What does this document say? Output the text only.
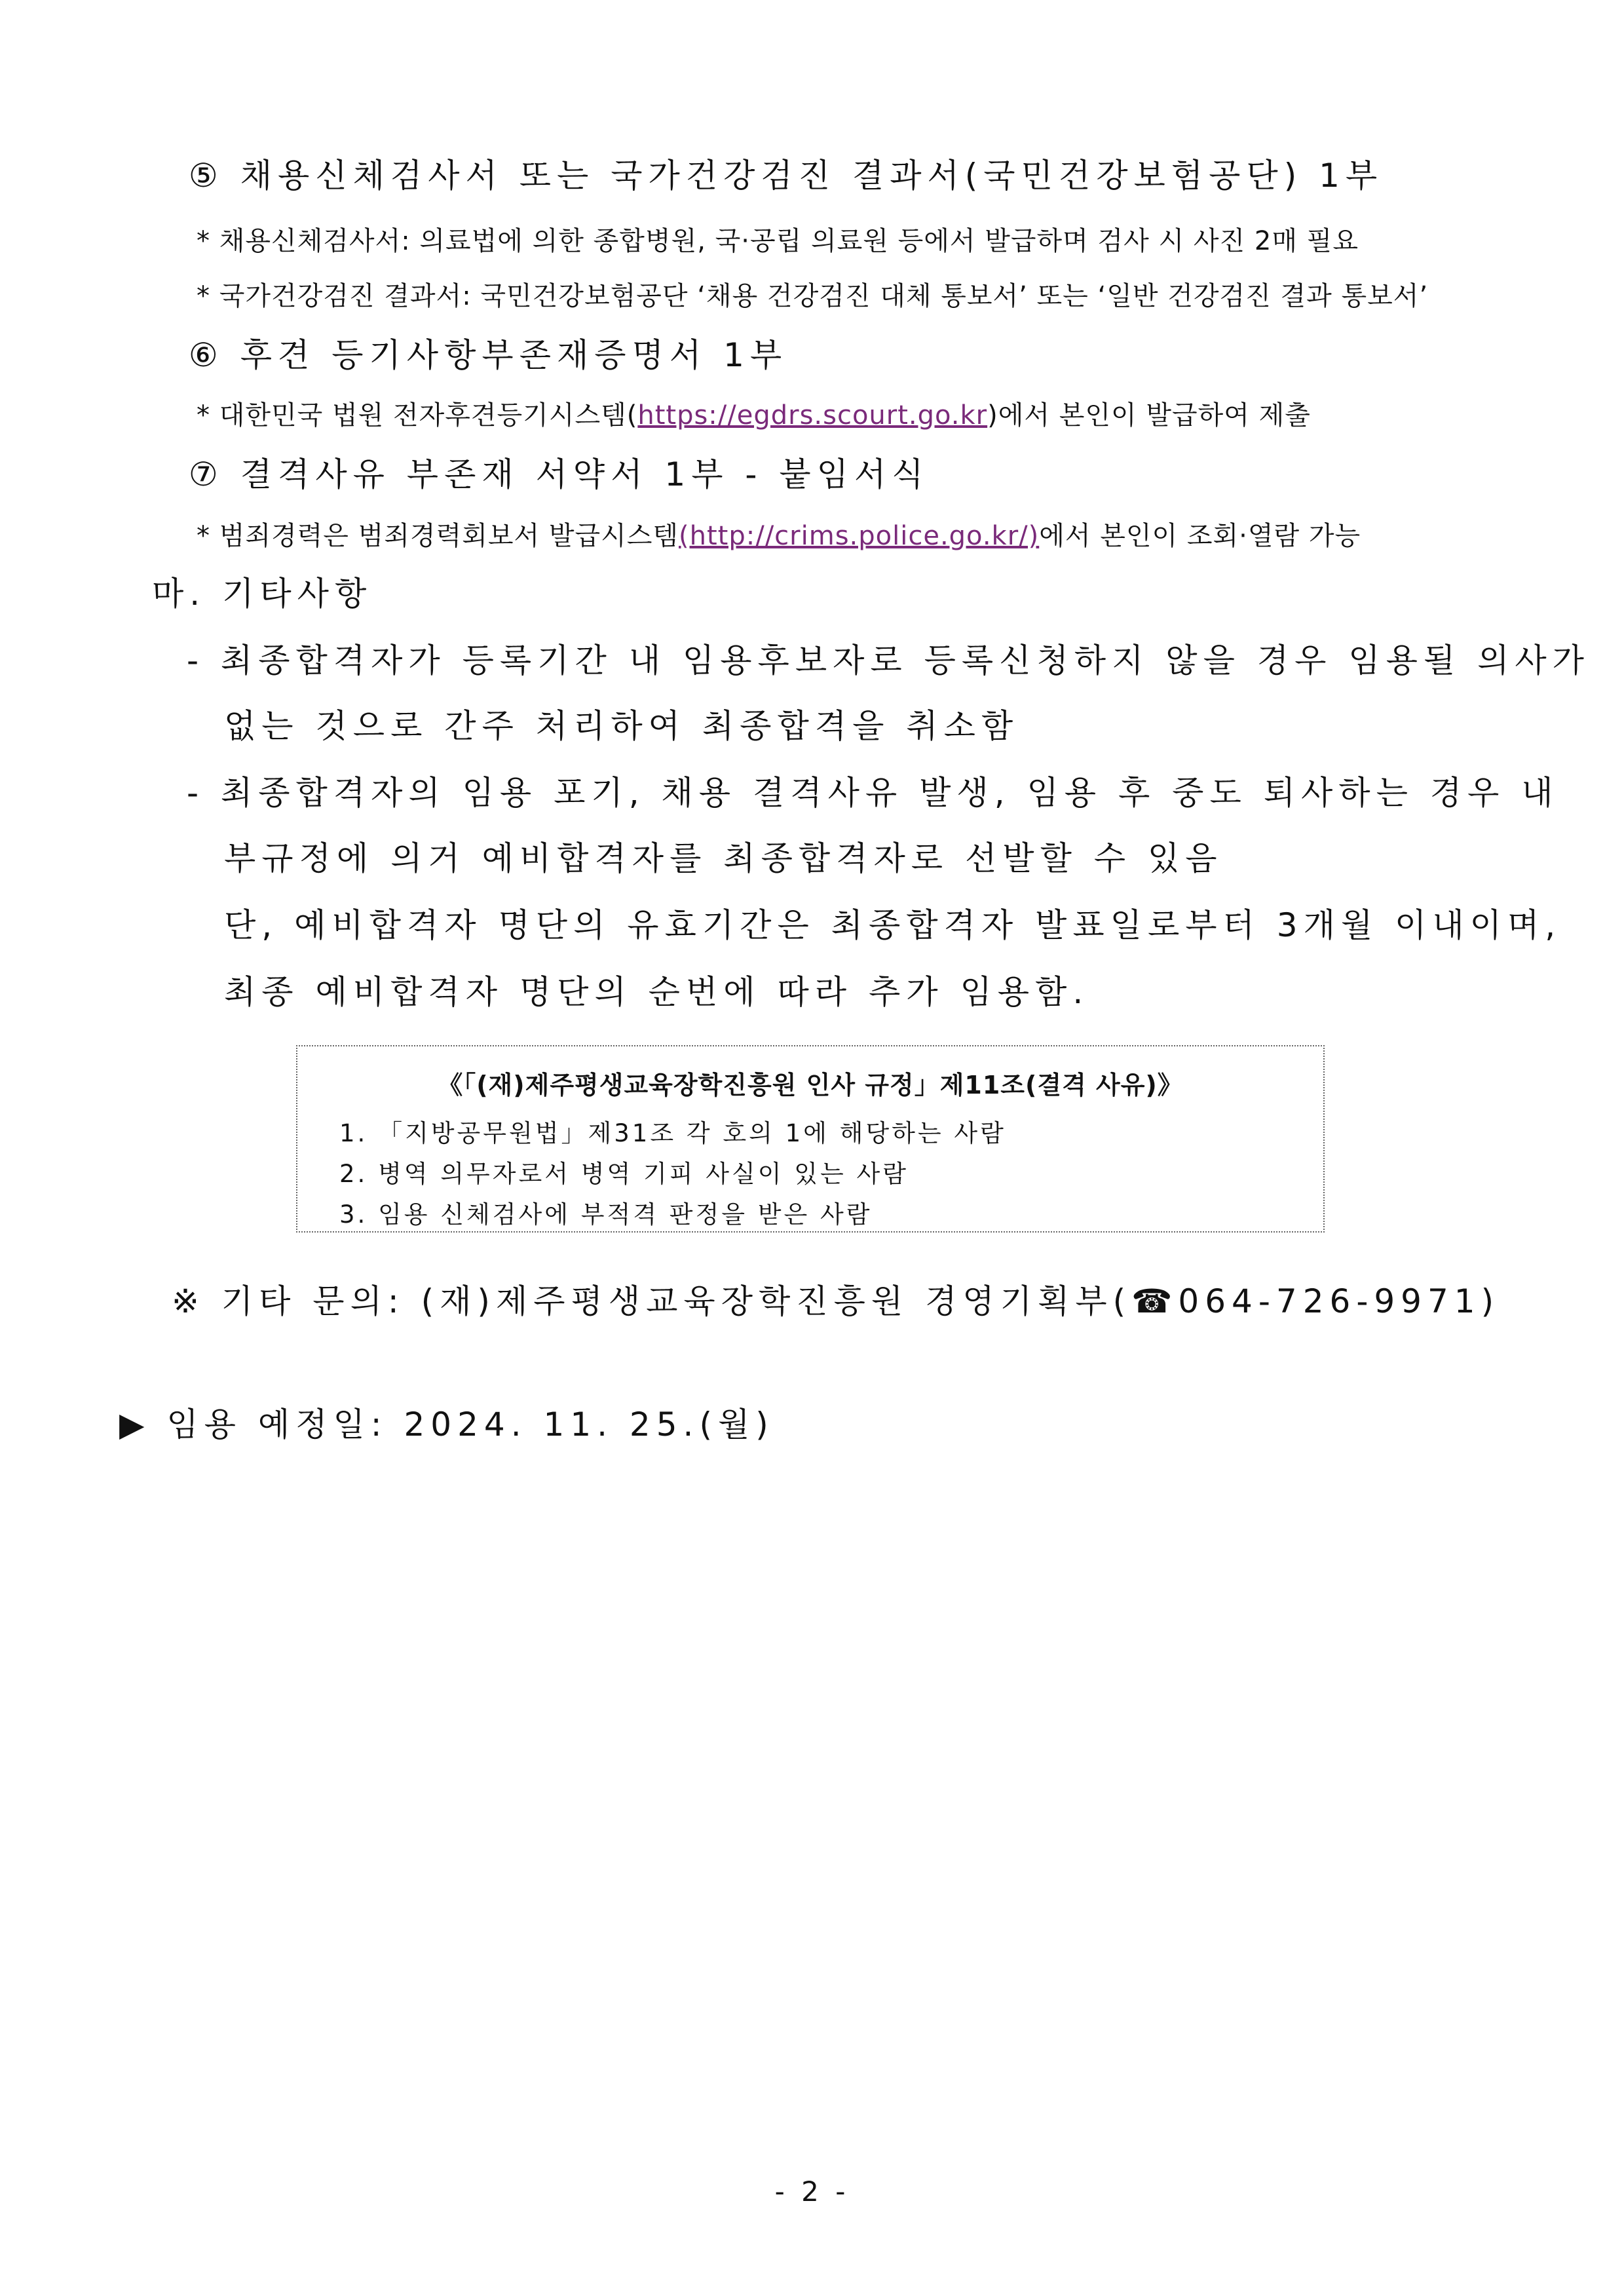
⑤ 채용신체검사서 또는 국가건강검진 결과서(국민건강보험공단) 1부
* 채용신체검사서: 의료법에 의한 종합병원, 국·공립 의료원 등에서 발급하며 검사 시 사진 2매 필요
* 국가건강검진 결과서: 국민건강보험공단 ‘채용 건강검진 대체 통보서’ 또는 ‘일반 건강검진 결과 통보서’
⑥ 후견 등기사항부존재증명서 1부
* 대한민국 법원 전자후견등기시스템(https://egdrs.scourt.go.kr)에서 본인이 발급하여 제출
⑦ 결격사유 부존재 서약서 1부 - 붙임서식
* 범죄경력은 범죄경력회보서 발급시스템(http://crims.police.go.kr/)에서 본인이 조회·열람 가능
마. 기타사항
- 최종합격자가 등록기간 내 임용후보자로 등록신청하지 않을 경우 임용될 의사가
없는 것으로 간주 처리하여 최종합격을 취소함
- 최종합격자의 임용 포기, 채용 결격사유 발생, 임용 후 중도 퇴사하는 경우 내
부규정에 의거 예비합격자를 최종합격자로 선발할 수 있음
단, 예비합격자 명단의 유효기간은 최종합격자 발표일로부터 3개월 이내이며,
최종 예비합격자 명단의 순번에 따라 추가 임용함.
《「(재)제주평생교육장학진흥원 인사 규정」제11조(결격 사유)》
1. 「지방공무원법」제31조 각 호의 1에 해당하는 사람
2. 병역 의무자로서 병역 기피 사실이 있는 사람
3. 임용 신체검사에 부적격 판정을 받은 사람
※ 기타 문의: (재)제주평생교육장학진흥원 경영기획부(☎064-726-9971)
▶ 임용 예정일: 2024. 11. 25.(월)
- 2 -
